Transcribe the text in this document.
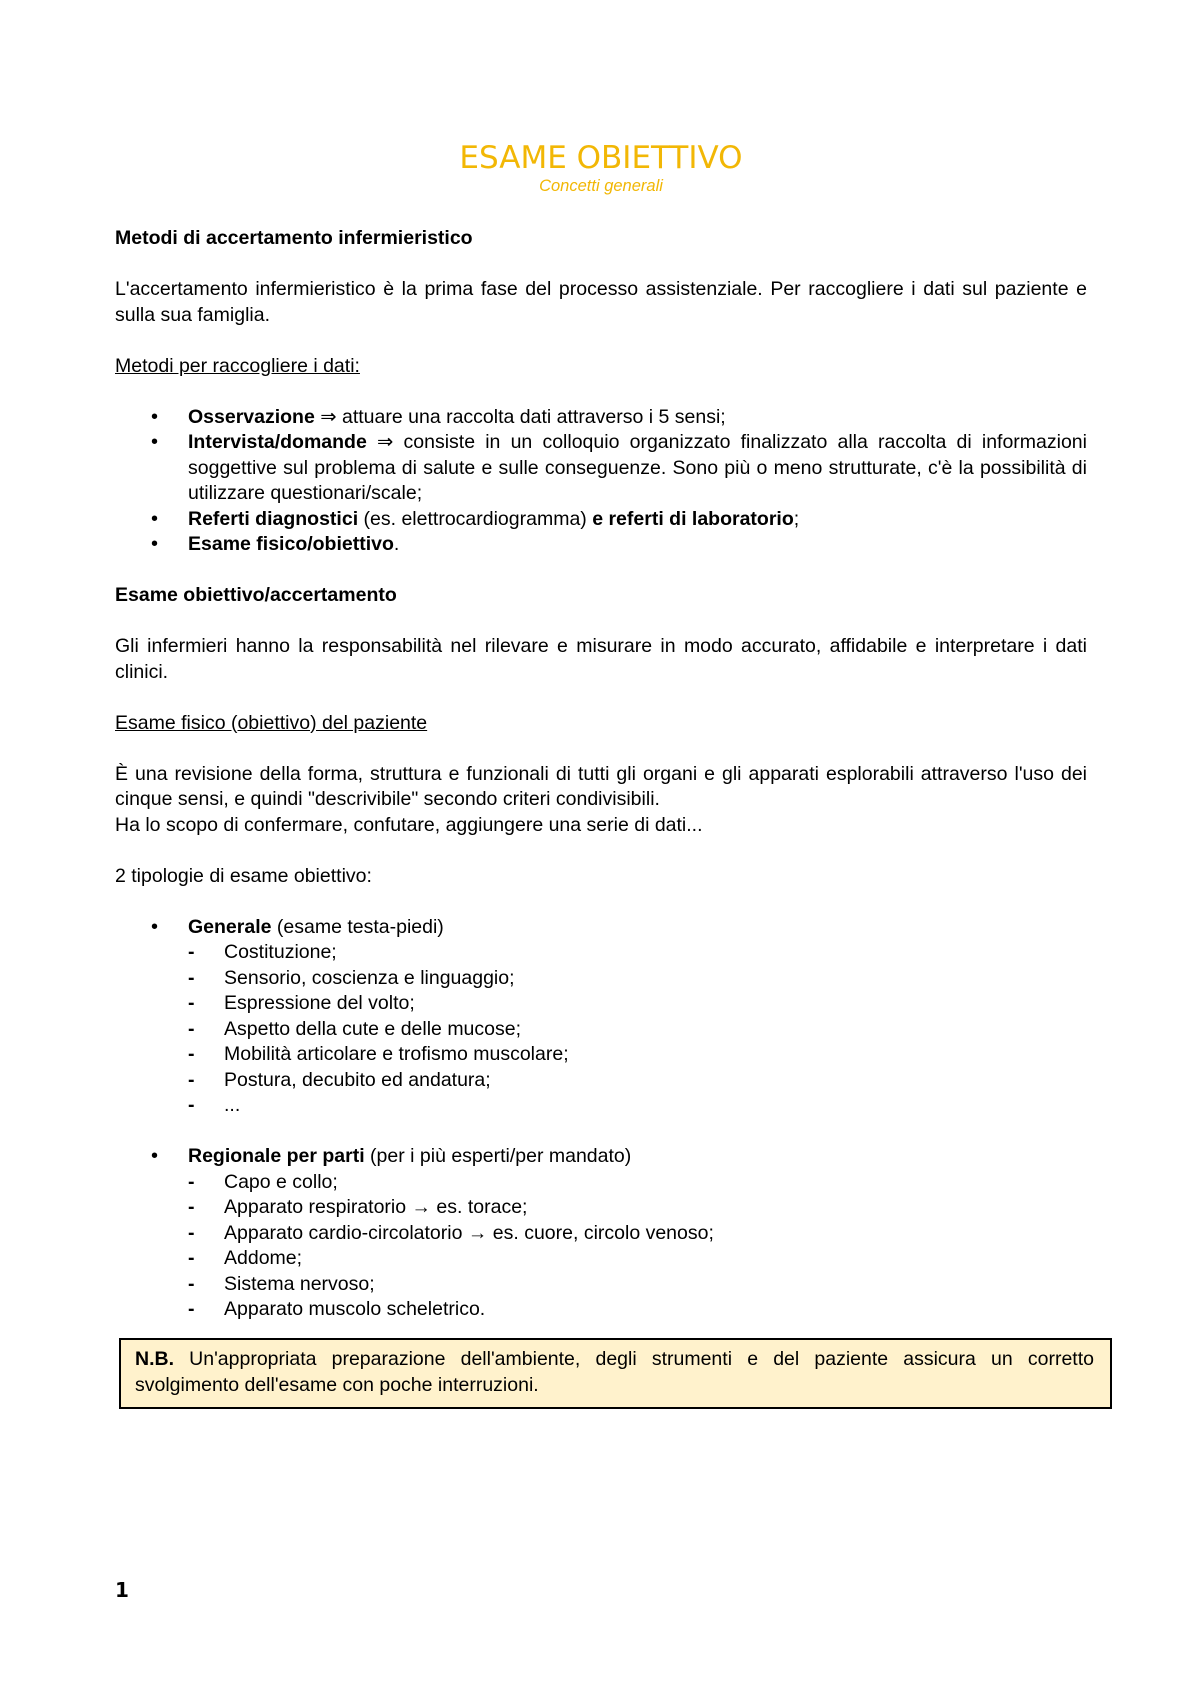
ESAME OBIETTIVO
Concetti generali

Metodi di accertamento infermieristico

L'accertamento infermieristico è la prima fase del processo assistenziale. Per raccogliere i dati sul paziente e sulla sua famiglia.

Metodi per raccogliere i dati:

• Osservazione ⇒ attuare una raccolta dati attraverso i 5 sensi;
• Intervista/domande ⇒ consiste in un colloquio organizzato finalizzato alla raccolta di informazioni soggettive sul problema di salute e sulle conseguenze. Sono più o meno strutturate, c'è la possibilità di utilizzare questionari/scale;
• Referti diagnostici (es. elettrocardiogramma) e referti di laboratorio;
• Esame fisico/obiettivo.

Esame obiettivo/accertamento

Gli infermieri hanno la responsabilità nel rilevare e misurare in modo accurato, affidabile e interpretare i dati clinici.

Esame fisico (obiettivo) del paziente

È una revisione della forma, struttura e funzionali di tutti gli organi e gli apparati esplorabili attraverso l'uso dei cinque sensi, e quindi "descrivibile" secondo criteri condivisibili.

Ha lo scopo di confermare, confutare, aggiungere una serie di dati...

2 tipologie di esame obiettivo:

• Generale (esame testa-piedi)
- Costituzione;
- Sensorio, coscienza e linguaggio;
- Espressione del volto;
- Aspetto della cute e delle mucose;
- Mobilità articolare e trofismo muscolare;
- Postura, decubito ed andatura;
- ...
• Regionale per parti (per i più esperti/per mandato)
- Capo e collo;
- Apparato respiratorio → es. torace;
- Apparato cardio-circolatorio → es. cuore, circolo venoso;
- Addome;
- Sistema nervoso;
- Apparato muscolo scheletrico.
N.B. Un'appropriata preparazione dell'ambiente, degli strumenti e del paziente assicura un corretto svolgimento dell'esame con poche interruzioni.
1
